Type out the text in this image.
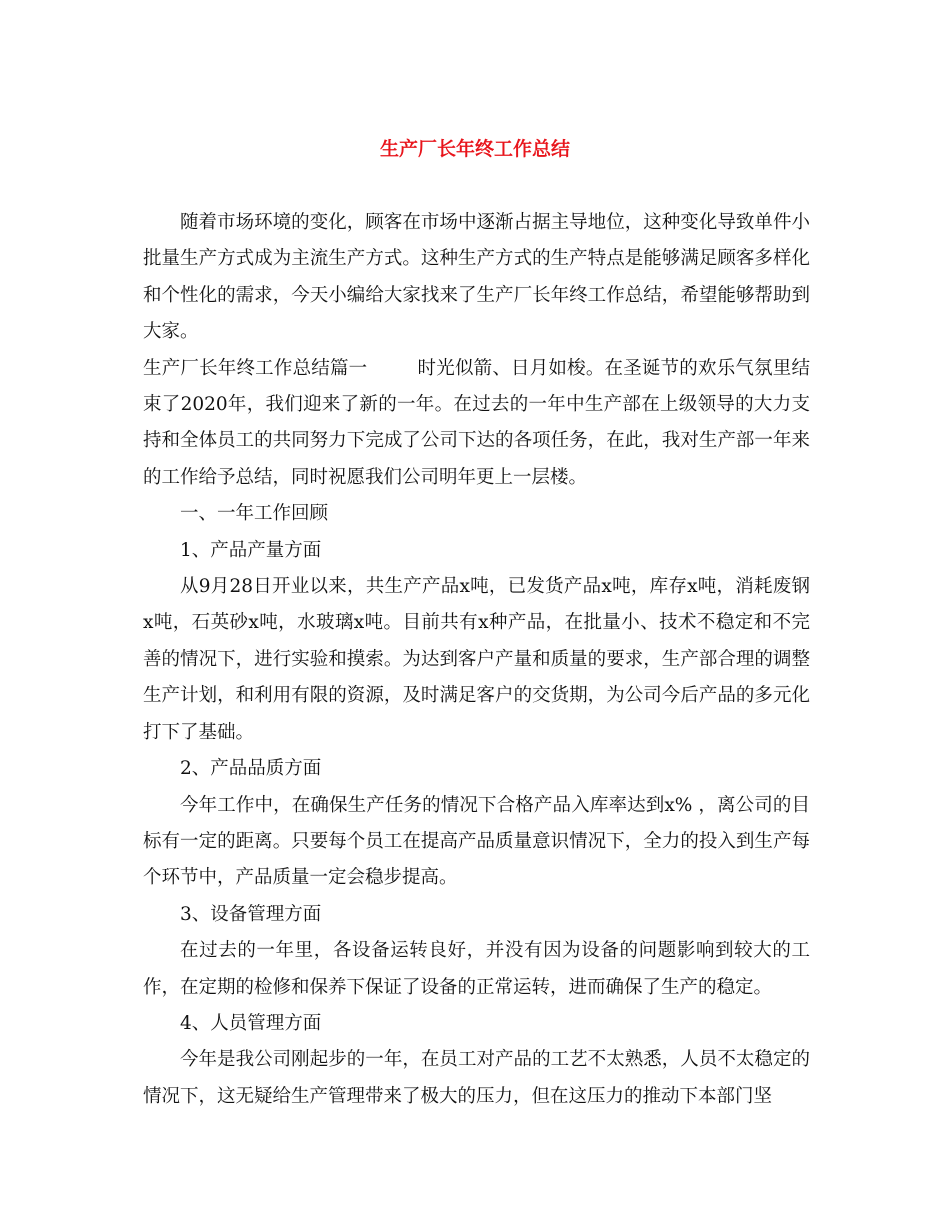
生产厂长年终工作总结

随着市场环境的变化，顾客在市场中逐渐占据主导地位，这种变化导致单件小批量生产方式成为主流生产方式。这种生产方式的生产特点是能够满足顾客多样化和个性化的需求，今天小编给大家找来了生产厂长年终工作总结，希望能够帮助到大家。

生产厂长年终工作总结篇一	时光似箭、日月如梭。在圣诞节的欢乐气氛里结束了2020年，我们迎来了新的一年。在过去的一年中生产部在上级领导的大力支持和全体员工的共同努力下完成了公司下达的各项任务，在此，我对生产部一年来的工作给予总结，同时祝愿我们公司明年更上一层楼。

一、一年工作回顾

1、产品产量方面

从9月28日开业以来，共生产产品x吨，已发货产品x吨，库存x吨，消耗废钢x吨，石英砂x吨，水玻璃x吨。目前共有x种产品，在批量小、技术不稳定和不完善的情况下，进行实验和摸索。为达到客户产量和质量的要求，生产部合理的调整生产计划，和利用有限的资源，及时满足客户的交货期，为公司今后产品的多元化打下了基础。

2、产品品质方面

今年工作中，在确保生产任务的情况下合格产品入库率达到x% ，离公司的目标有一定的距离。只要每个员工在提高产品质量意识情况下，全力的投入到生产每个环节中，产品质量一定会稳步提高。

3、设备管理方面

在过去的一年里，各设备运转良好，并没有因为设备的问题影响到较大的工作，在定期的检修和保养下保证了设备的正常运转，进而确保了生产的稳定。

4、人员管理方面

今年是我公司刚起步的一年，在员工对产品的工艺不太熟悉，人员不太稳定的情况下，这无疑给生产管理带来了极大的压力，但在这压力的推动下本部门坚
